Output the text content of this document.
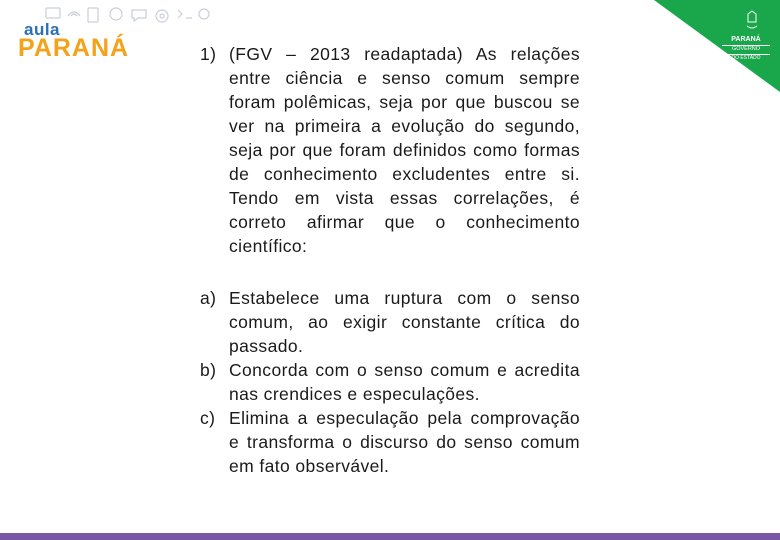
aula
PARANÁ	PARANÁ
GOVERNO
DO ESTADO
1) (FGV – 2013 readaptada) As relações entre ciência e senso comum sempre foram polêmicas, seja por que buscou se ver na primeira a evolução do segundo, seja por que foram definidos como formas de conhecimento excludentes entre si. Tendo em vista essas correlações, é correto afirmar que o conhecimento científico:
a) Estabelece uma ruptura com o senso comum, ao exigir constante crítica do passado.
b) Concorda com o senso comum e acredita nas crendices e especulações.
c) Elimina a especulação pela comprovação e transforma o discurso do senso comum em fato observável.
